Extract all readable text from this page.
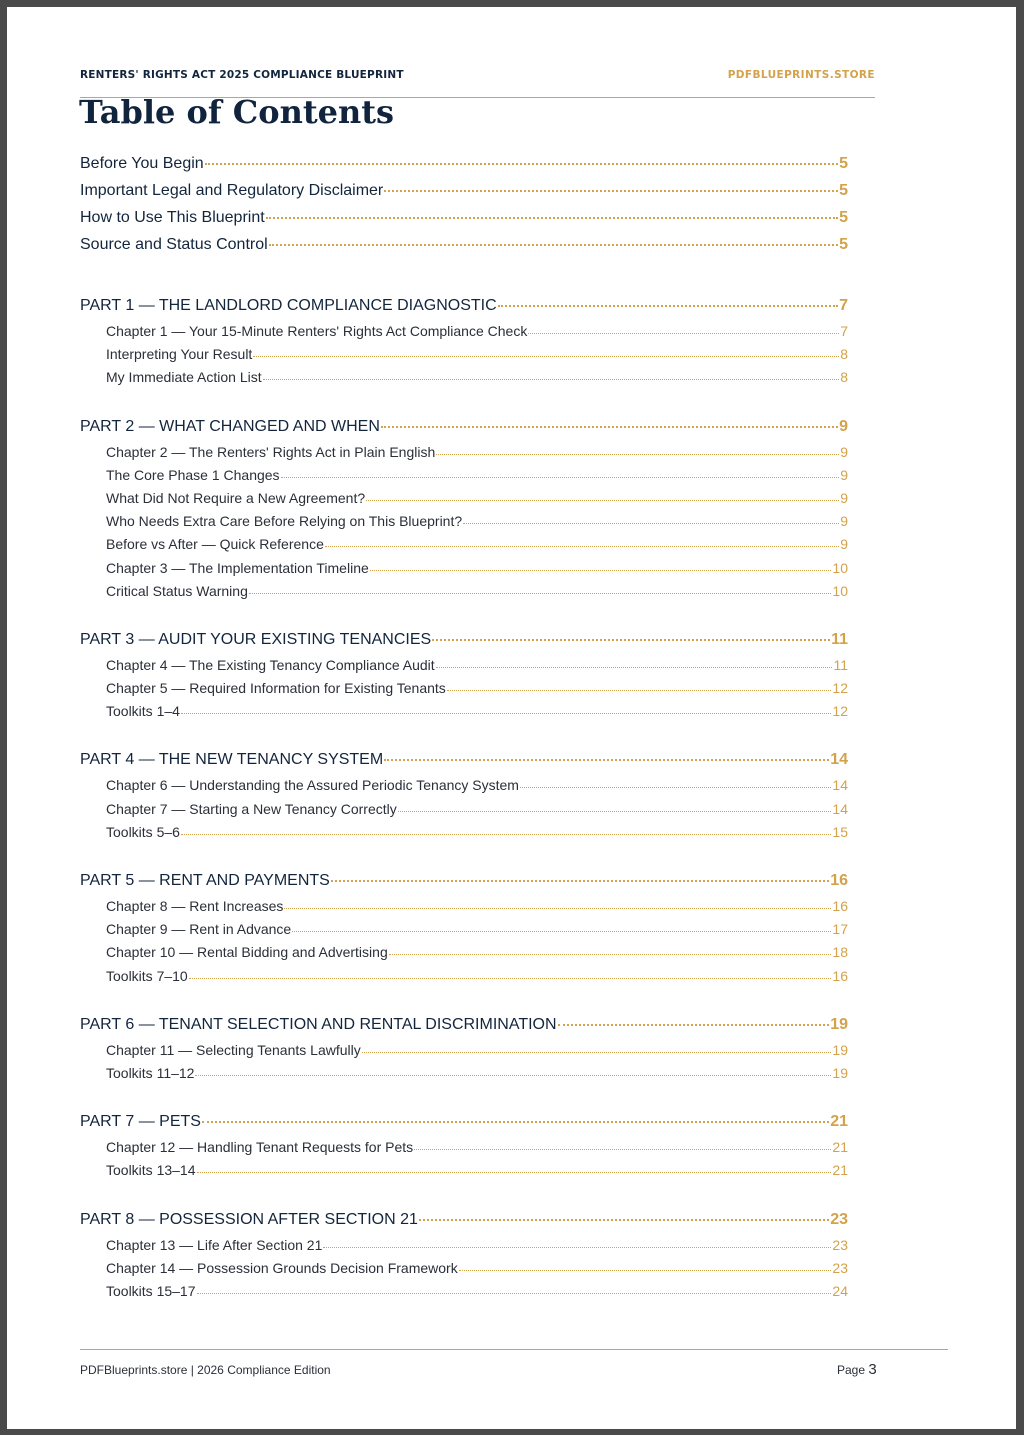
RENTERS' RIGHTS ACT 2025 COMPLIANCE BLUEPRINT	PDFBLUEPRINTS.STORE
Table of Contents
Before You Begin	5
Important Legal and Regulatory Disclaimer	5
How to Use This Blueprint	5
Source and Status Control	5
PART 1 — THE LANDLORD COMPLIANCE DIAGNOSTIC	7
Chapter 1 — Your 15-Minute Renters' Rights Act Compliance Check	7
Interpreting Your Result	8
My Immediate Action List	8
PART 2 — WHAT CHANGED AND WHEN	9
Chapter 2 — The Renters' Rights Act in Plain English	9
The Core Phase 1 Changes	9
What Did Not Require a New Agreement?	9
Who Needs Extra Care Before Relying on This Blueprint?	9
Before vs After — Quick Reference	9
Chapter 3 — The Implementation Timeline	10
Critical Status Warning	10
PART 3 — AUDIT YOUR EXISTING TENANCIES	11
Chapter 4 — The Existing Tenancy Compliance Audit	11
Chapter 5 — Required Information for Existing Tenants	12
Toolkits 1–4	12
PART 4 — THE NEW TENANCY SYSTEM	14
Chapter 6 — Understanding the Assured Periodic Tenancy System	14
Chapter 7 — Starting a New Tenancy Correctly	14
Toolkits 5–6	15
PART 5 — RENT AND PAYMENTS	16
Chapter 8 — Rent Increases	16
Chapter 9 — Rent in Advance	17
Chapter 10 — Rental Bidding and Advertising	18
Toolkits 7–10	16
PART 6 — TENANT SELECTION AND RENTAL DISCRIMINATION	19
Chapter 11 — Selecting Tenants Lawfully	19
Toolkits 11–12	19
PART 7 — PETS	21
Chapter 12 — Handling Tenant Requests for Pets	21
Toolkits 13–14	21
PART 8 — POSSESSION AFTER SECTION 21	23
Chapter 13 — Life After Section 21	23
Chapter 14 — Possession Grounds Decision Framework	23
Toolkits 15–17	24
PDFBlueprints.store | 2026 Compliance Edition	Page 3
